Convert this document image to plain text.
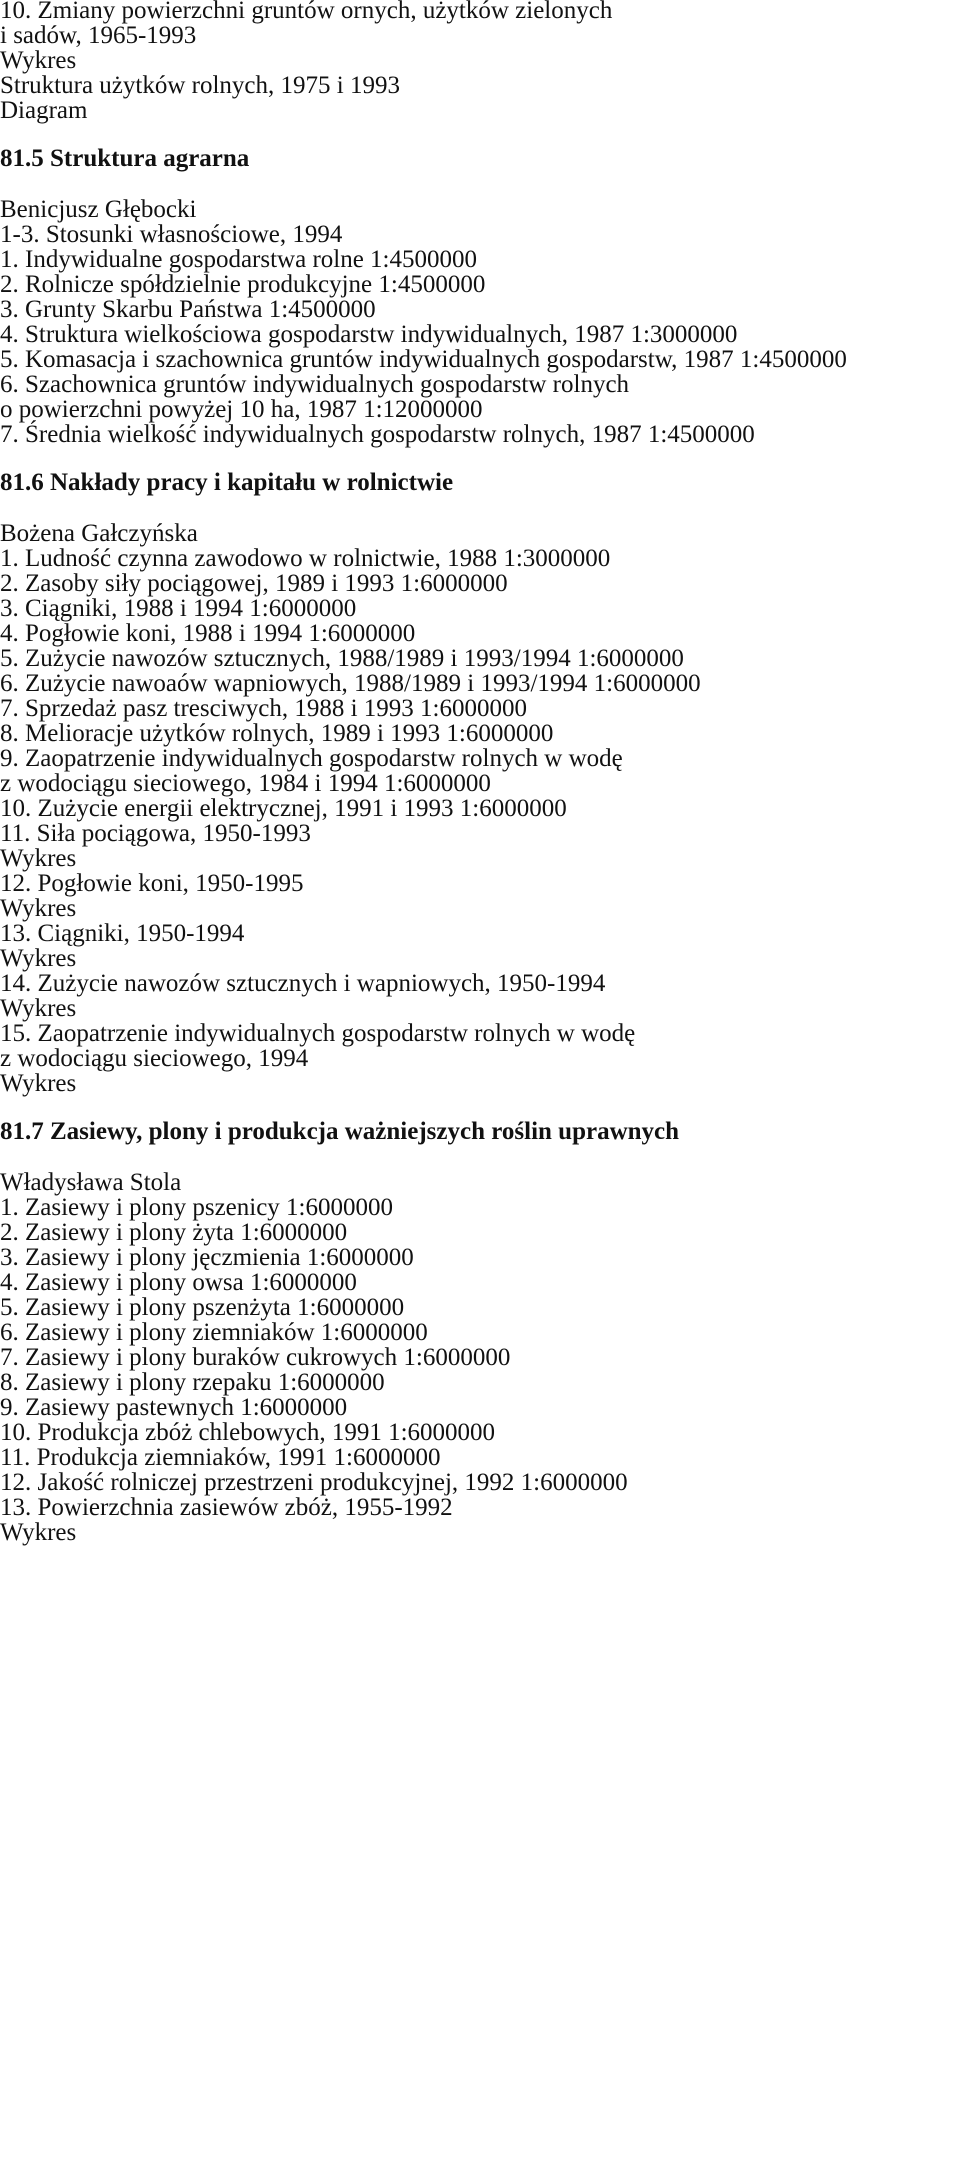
10. Zmiany powierzchni gruntów ornych, użytków zielonych
i sadów, 1965-1993
Wykres
Struktura użytków rolnych, 1975 i 1993
Diagram
81.5 Struktura agrarna
Benicjusz Głębocki
1-3. Stosunki własnościowe, 1994
1. Indywidualne gospodarstwa rolne 1:4500000
2. Rolnicze spółdzielnie produkcyjne 1:4500000
3. Grunty Skarbu Państwa 1:4500000
4. Struktura wielkościowa gospodarstw indywidualnych, 1987 1:3000000
5. Komasacja i szachownica gruntów indywidualnych gospodarstw, 1987 1:4500000
6. Szachownica gruntów indywidualnych gospodarstw rolnych
o powierzchni powyżej 10 ha, 1987 1:12000000
7. Średnia wielkość indywidualnych gospodarstw rolnych, 1987 1:4500000
81.6 Nakłady pracy i kapitału w rolnictwie
Bożena Gałczyńska
1. Ludność czynna zawodowo w rolnictwie, 1988 1:3000000
2. Zasoby siły pociągowej, 1989 i 1993 1:6000000
3. Ciągniki, 1988 i 1994 1:6000000
4. Pogłowie koni, 1988 i 1994 1:6000000
5. Zużycie nawozów sztucznych, 1988/1989 i 1993/1994 1:6000000
6. Zużycie nawoaów wapniowych, 1988/1989 i 1993/1994 1:6000000
7. Sprzedaż pasz tresciwych, 1988 i 1993 1:6000000
8. Melioracje użytków rolnych, 1989 i 1993 1:6000000
9. Zaopatrzenie indywidualnych gospodarstw rolnych w wodę
z wodociągu sieciowego, 1984 i 1994 1:6000000
10. Zużycie energii elektrycznej, 1991 i 1993 1:6000000
11. Siła pociągowa, 1950-1993
Wykres
12. Pogłowie koni, 1950-1995
Wykres
13. Ciągniki, 1950-1994
Wykres
14. Zużycie nawozów sztucznych i wapniowych, 1950-1994
Wykres
15. Zaopatrzenie indywidualnych gospodarstw rolnych w wodę
z wodociągu sieciowego, 1994
Wykres
81.7 Zasiewy, plony i produkcja ważniejszych roślin uprawnych
Władysława Stola
1. Zasiewy i plony pszenicy 1:6000000
2. Zasiewy i plony żyta 1:6000000
3. Zasiewy i plony jęczmienia 1:6000000
4. Zasiewy i plony owsa 1:6000000
5. Zasiewy i plony pszenżyta 1:6000000
6. Zasiewy i plony ziemniaków 1:6000000
7. Zasiewy i plony buraków cukrowych 1:6000000
8. Zasiewy i plony rzepaku 1:6000000
9. Zasiewy pastewnych 1:6000000
10. Produkcja zbóż chlebowych, 1991 1:6000000
11. Produkcja ziemniaków, 1991 1:6000000
12. Jakość rolniczej przestrzeni produkcyjnej, 1992 1:6000000
13. Powierzchnia zasiewów zbóż, 1955-1992
Wykres
